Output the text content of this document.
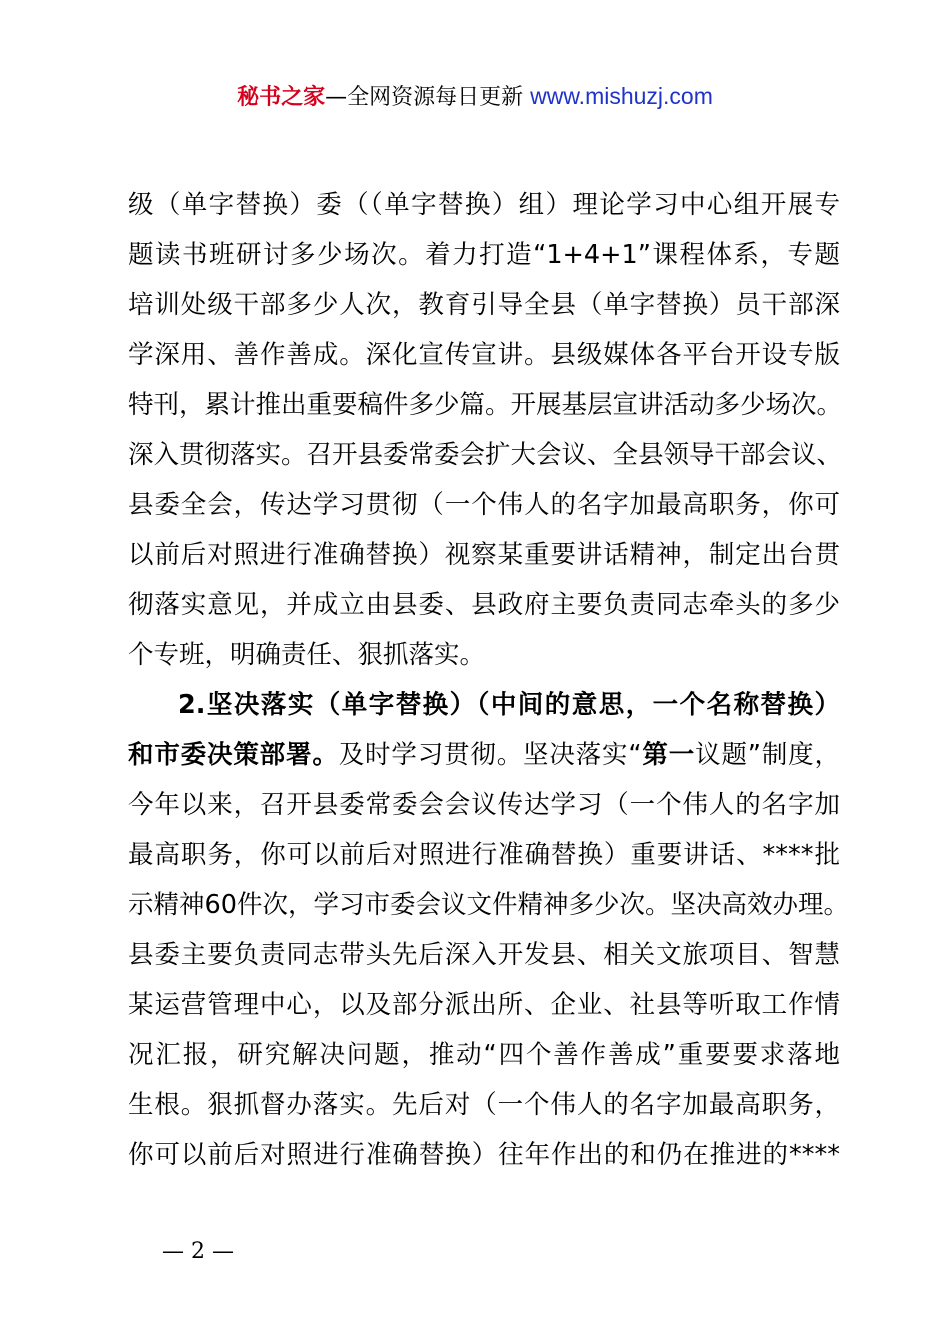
秘书之家—全网资源每日更新 www.mishuzj.com
级（单字替换）委（（单字替换）组）理论学习中心组开展专
题读书班研讨多少场次。着力打造“1+4+1”课程体系，专题
培训处级干部多少人次，教育引导全县（单字替换）员干部深
学深用、善作善成。深化宣传宣讲。县级媒体各平台开设专版
特刊，累计推出重要稿件多少篇。开展基层宣讲活动多少场次。
深入贯彻落实。召开县委常委会扩大会议、全县领导干部会议、
县委全会，传达学习贯彻（一个伟人的名字加最高职务，你可
以前后对照进行准确替换）视察某重要讲话精神，制定出台贯
彻落实意见，并成立由县委、县政府主要负责同志牵头的多少
个专班，明确责任、狠抓落实。
2.坚决落实（单字替换）（中间的意思，一个名称替换）
和市委决策部署。及时学习贯彻。坚决落实“第一议题”制度，
今年以来，召开县委常委会会议传达学习（一个伟人的名字加
最高职务，你可以前后对照进行准确替换）重要讲话、****批
示精神60件次，学习市委会议文件精神多少次。坚决高效办理。
县委主要负责同志带头先后深入开发县、相关文旅项目、智慧
某运营管理中心，以及部分派出所、企业、社县等听取工作情
况汇报，研究解决问题，推动“四个善作善成”重要要求落地
生根。狠抓督办落实。先后对（一个伟人的名字加最高职务，
你可以前后对照进行准确替换）往年作出的和仍在推进的****
— 2 —
